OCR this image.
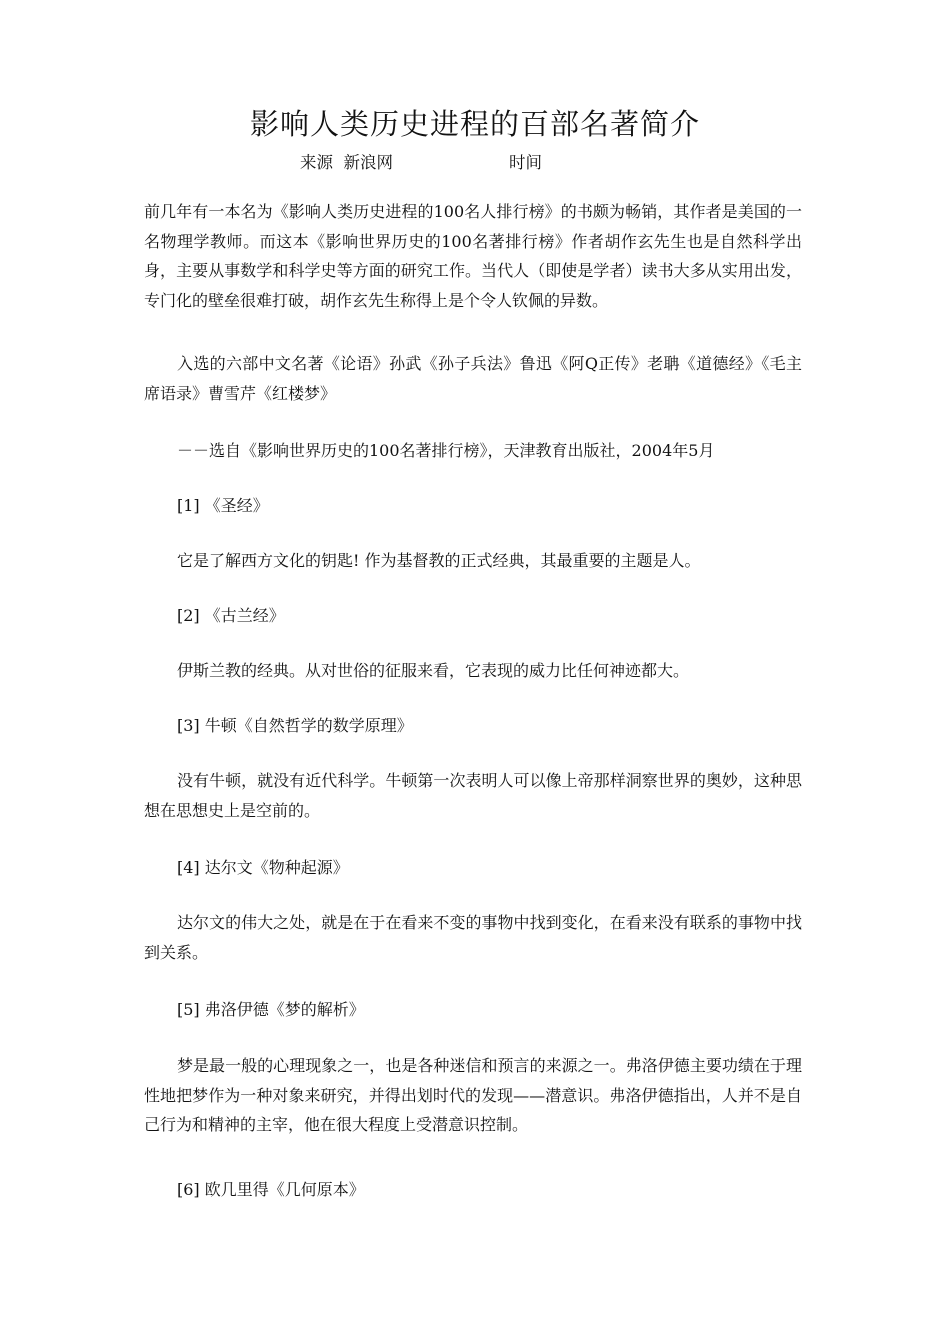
影响人类历史进程的百部名著简介
来源  新浪网	时间

前几年有一本名为《影响人类历史进程的100名人排行榜》的书颇为畅销，其作者是美国的一名物理学教师。而这本《影响世界历史的100名著排行榜》作者胡作玄先生也是自然科学出身，主要从事数学和科学史等方面的研究工作。当代人（即使是学者）读书大多从实用出发，专门化的壁垒很难打破，胡作玄先生称得上是个令人钦佩的异数。

入选的六部中文名著《论语》孙武《孙子兵法》鲁迅《阿Q正传》老聃《道德经》《毛主席语录》曹雪芹《红楼梦》

－－选自《影响世界历史的100名著排行榜》，天津教育出版社，2004年5月

[1] 《圣经》

它是了解西方文化的钥匙! 作为基督教的正式经典，其最重要的主题是人。

[2] 《古兰经》

伊斯兰教的经典。从对世俗的征服来看，它表现的威力比任何神迹都大。

[3] 牛顿《自然哲学的数学原理》

没有牛顿，就没有近代科学。牛顿第一次表明人可以像上帝那样洞察世界的奥妙，这种思想在思想史上是空前的。

[4] 达尔文《物种起源》

达尔文的伟大之处，就是在于在看来不变的事物中找到变化，在看来没有联系的事物中找到关系。

[5] 弗洛伊德《梦的解析》

梦是最一般的心理现象之一，也是各种迷信和预言的来源之一。弗洛伊德主要功绩在于理性地把梦作为一种对象来研究，并得出划时代的发现——潜意识。弗洛伊德指出，人并不是自己行为和精神的主宰，他在很大程度上受潜意识控制。

[6] 欧几里得《几何原本》
